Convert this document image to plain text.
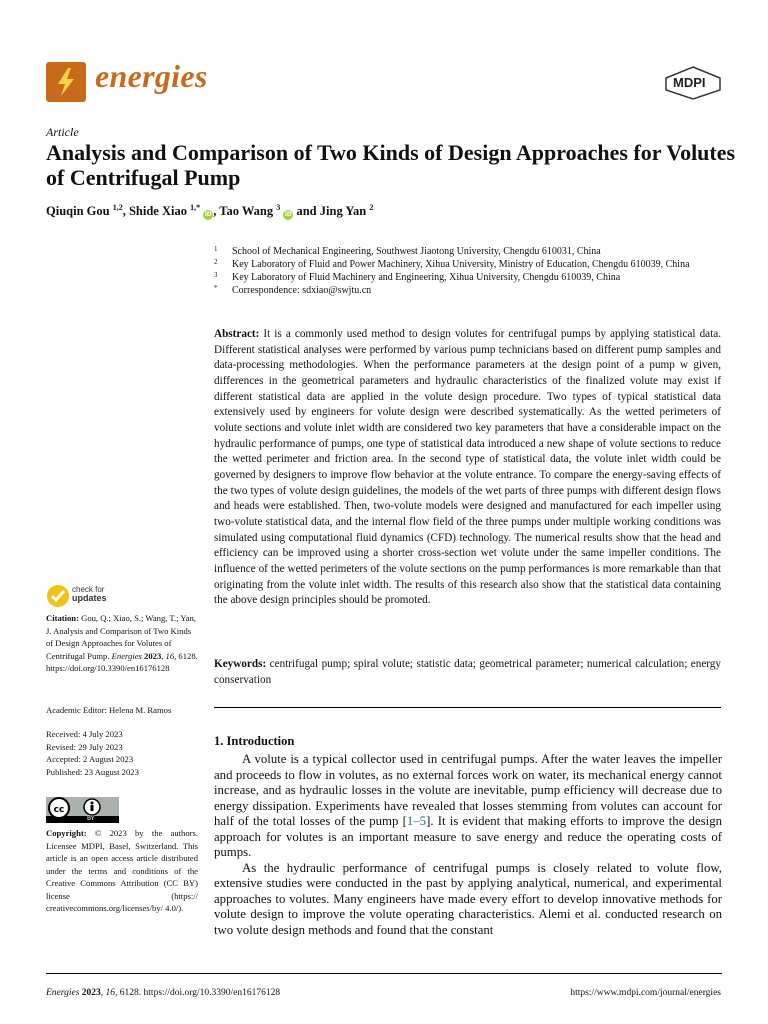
energies	MDPI
Article
Analysis and Comparison of Two Kinds of Design Approaches for Volutes of Centrifugal Pump
Qiuqin Gou $^{1,2}$, Shide Xiao $^{1,*}$ iD, Tao Wang $^3$ iD and Jing Yan $^2$
1 School of Mechanical Engineering, Southwest Jiaotong University, Chengdu 610031, China
2 Key Laboratory of Fluid and Power Machinery, Xihua University, Ministry of Education, Chengdu 610039, China
3 Key Laboratory of Fluid Machinery and Engineering, Xihua University, Chengdu 610039, China
* Correspondence: sdxiao@swjtu.cn
Abstract: It is a commonly used method to design volutes for centrifugal pumps by applying statistical data. Different statistical analyses were performed by various pump technicians based on different pump samples and data-processing methodologies. When the performance parameters at the design point of a pump w given, differences in the geometrical parameters and hydraulic characteristics of the finalized volute may exist if different statistical data are applied in the volute design procedure. Two types of typical statistical data extensively used by engineers for volute design were described systematically. As the wetted perimeters of volute sections and volute inlet width are considered two key parameters that have a considerable impact on the hydraulic performance of pumps, one type of statistical data introduced a new shape of volute sections to reduce the wetted perimeter and friction area. In the second type of statistical data, the volute inlet width could be governed by designers to improve flow behavior at the volute entrance. To compare the energy-saving effects of the two types of volute design guidelines, the models of the wet parts of three pumps with different design flows and heads were established. Then, two-volute models were designed and manufactured for each impeller using two-volute statistical data, and the internal flow field of the three pumps under multiple working conditions was simulated using computational fluid dynamics (CFD) technology. The numerical results show that the head and efficiency can be improved using a shorter cross-section wet volute under the same impeller conditions. The influence of the wetted perimeters of the volute sections on the pump performances is more remarkable than that originating from the volute inlet width. The results of this research also show that the statistical data containing the above design principles should be promoted.
Keywords: centrifugal pump; spiral volute; statistic data; geometrical parameter; numerical calculation; energy conservation
1. Introduction

A volute is a typical collector used in centrifugal pumps. After the water leaves the impeller and proceeds to flow in volutes, as no external forces work on water, its mechanical energy cannot increase, and as hydraulic losses in the volute are inevitable, pump efficiency will decrease due to energy dissipation. Experiments have revealed that losses stemming from volutes can account for half of the total losses of the pump [1–5]. It is evident that making efforts to improve the design approach for volutes is an important measure to save energy and reduce the operating costs of pumps.

As the hydraulic performance of centrifugal pumps is closely related to volute flow, extensive studies were conducted in the past by applying analytical, numerical, and experimental approaches to volutes. Many engineers have made every effort to develop innovative methods for volute design to improve the volute operating characteristics. Alemi et al. conducted research on two volute design methods and found that the constant

check for
updates
Citation: Gou, Q.; Xiao, S.; Wang, T.; Yan, J. Analysis and Comparison of Two Kinds of Design Approaches for Volutes of Centrifugal Pump. Energies 2023, 16, 6128. https://doi.org/10.3390/en16176128
Academic Editor: Helena M. Ramos
Received: 4 July 2023
Revised: 29 July 2023
Accepted: 2 August 2023
Published: 23 August 2023
cc
BY
Copyright: © 2023 by the authors. Licensee MDPI, Basel, Switzerland. This article is an open access article distributed under the terms and conditions of the Creative Commons Attribution (CC BY) license (https:// creativecommons.org/licenses/by/ 4.0/).
Energies 2023, 16, 6128. https://doi.org/10.3390/en16176128	https://www.mdpi.com/journal/energies
